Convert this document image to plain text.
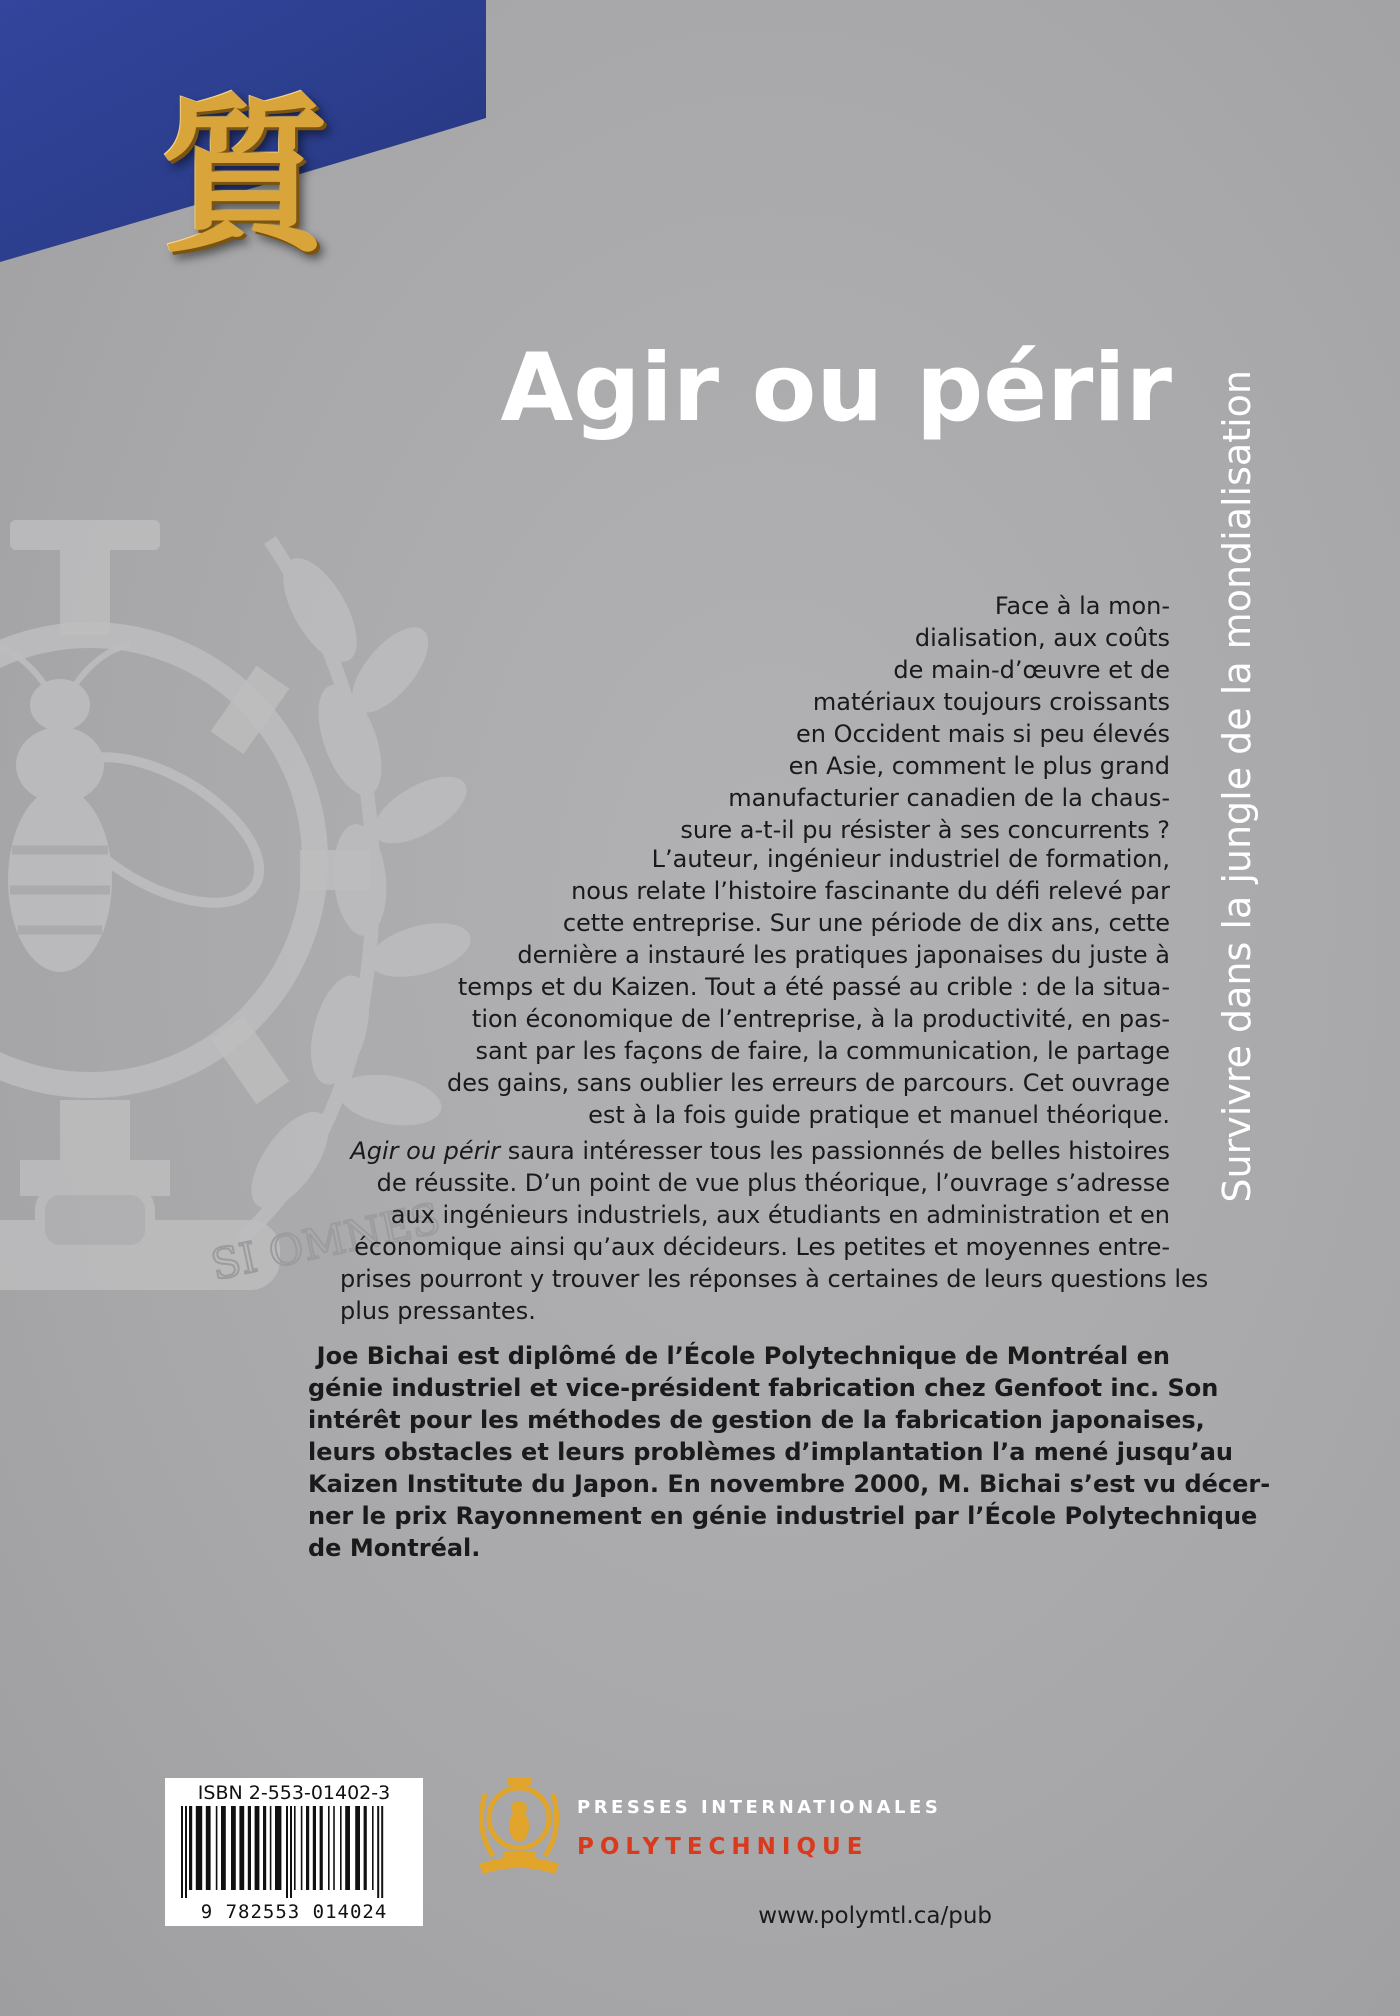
質
SI OMNES
Agir ou périr Survivre dans la jungle de la mondialisation
Face à la mon-
dialisation, aux coûts
de main-d’œuvre et de
matériaux toujours croissants
en Occident mais si peu élevés
en Asie, comment le plus grand
manufacturier canadien de la chaus-
sure a-t-il pu résister à ses concurrents ?
L’auteur, ingénieur industriel de formation,
nous relate l’histoire fascinante du défi relevé par
cette entreprise. Sur une période de dix ans, cette
dernière a instauré les pratiques japonaises du juste à
temps et du Kaizen. Tout a été passé au crible : de la situa-
tion économique de l’entreprise, à la productivité, en pas-
sant par les façons de faire, la communication, le partage
des gains, sans oublier les erreurs de parcours. Cet ouvrage
est à la fois guide pratique et manuel théorique.
Agir ou périr saura intéresser tous les passionnés de belles histoires
de réussite. D’un point de vue plus théorique, l’ouvrage s’adresse
aux ingénieurs industriels, aux étudiants en administration et en
économique ainsi qu’aux décideurs. Les petites et moyennes entre-
prises pourront y trouver les réponses à certaines de leurs questions les
plus pressantes.
Joe Bichai est diplômé de l’École Polytechnique de Montréal en
génie industriel et vice-président fabrication chez Genfoot inc. Son
intérêt pour les méthodes de gestion de la fabrication japonaises,
leurs obstacles et leurs problèmes d’implantation l’a mené jusqu’au
Kaizen Institute du Japon. En novembre 2000, M. Bichai s’est vu décer-
ner le prix Rayonnement en génie industriel par l’École Polytechnique
de Montréal.
ISBN 2-553-01402-3
9 782553 014024
PRESSES INTERNATIONALES
POLYTECHNIQUE
www.polymtl.ca/pub
